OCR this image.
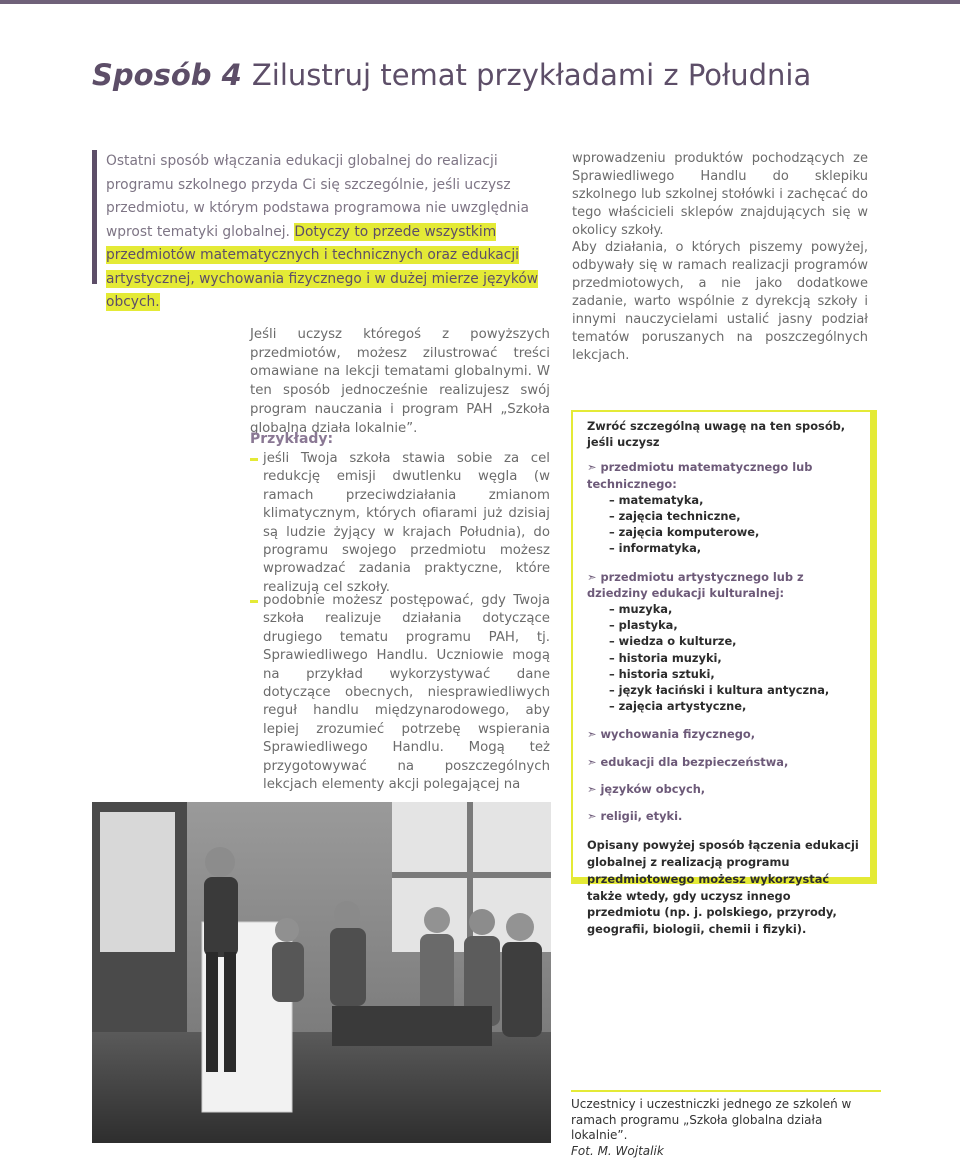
Sposób 4 Zilustruj temat przykładami z Południa
Ostatni sposób włączania edukacji globalnej do realizacji programu szkolnego przyda Ci się szczególnie, jeśli uczysz przedmiotu, w którym podstawa programowa nie uwzględnia wprost tematyki globalnej. Dotyczy to przede wszystkim przedmiotów matematycznych i technicznych oraz edukacji artystycznej, wychowania fizycznego i w dużej mierze języków obcych.

Jeśli uczysz któregoś z powyższych przedmiotów, możesz zilustrować treści omawiane na lekcji tematami globalnymi. W ten sposób jednocześnie realizujesz swój program nauczania i program PAH „Szkoła globalna działa lokalnie”.

Przykłady:
jeśli Twoja szkoła stawia sobie za cel redukcję emisji dwutlenku węgla (w ramach przeciwdziałania zmianom klimatycznym, których ofiarami już dzisiaj są ludzie żyjący w krajach Południa), do programu swojego przedmiotu możesz wprowadzać zadania praktyczne, które realizują cel szkoły.
podobnie możesz postępować, gdy Twoja szkoła realizuje działania dotyczące drugiego tematu programu PAH, tj. Sprawiedliwego Handlu. Uczniowie mogą na przykład wykorzystywać dane dotyczące obecnych, niesprawiedliwych reguł handlu międzynarodowego, aby lepiej zrozumieć potrzebę wspierania Sprawiedliwego Handlu. Mogą też przygotowywać na poszczególnych lekcjach elementy akcji polegającej na

wprowadzeniu produktów pochodzących ze Sprawiedliwego Handlu do sklepiku szkolnego lub szkolnej stołówki i zachęcać do tego właścicieli sklepów znajdujących się w okolicy szkoły.

Aby działania, o których piszemy powyżej, odbywały się w ramach realizacji programów przedmiotowych, a nie jako dodatkowe zadanie, warto wspólnie z dyrekcją szkoły i innymi nauczycielami ustalić jasny podział tematów poruszanych na poszczególnych lekcjach.

Zwróć szczególną uwagę na ten sposób, jeśli uczysz
➣ przedmiotu matematycznego lub technicznego:
– matematyka,
– zajęcia techniczne,
– zajęcia komputerowe,
– informatyka,
➣ przedmiotu artystycznego lub z dziedziny edukacji kulturalnej:
– muzyka,
– plastyka,
– wiedza o kulturze,
– historia muzyki,
– historia sztuki,
– język łaciński i kultura antyczna,
– zajęcia artystyczne,
➣ wychowania fizycznego,
➣ edukacji dla bezpieczeństwa,
➣ języków obcych,
➣ religii, etyki.
Opisany powyżej sposób łączenia edukacji globalnej z realizacją programu przedmiotowego możesz wykorzystać także wtedy, gdy uczysz innego przedmiotu (np. j. polskiego, przyrody, geografii, biologii, chemii i fizyki).
Uczestnicy i uczestniczki jednego ze szkoleń w ramach programu „Szkoła globalna działa lokalnie”.
Fot. M. Wojtalik
